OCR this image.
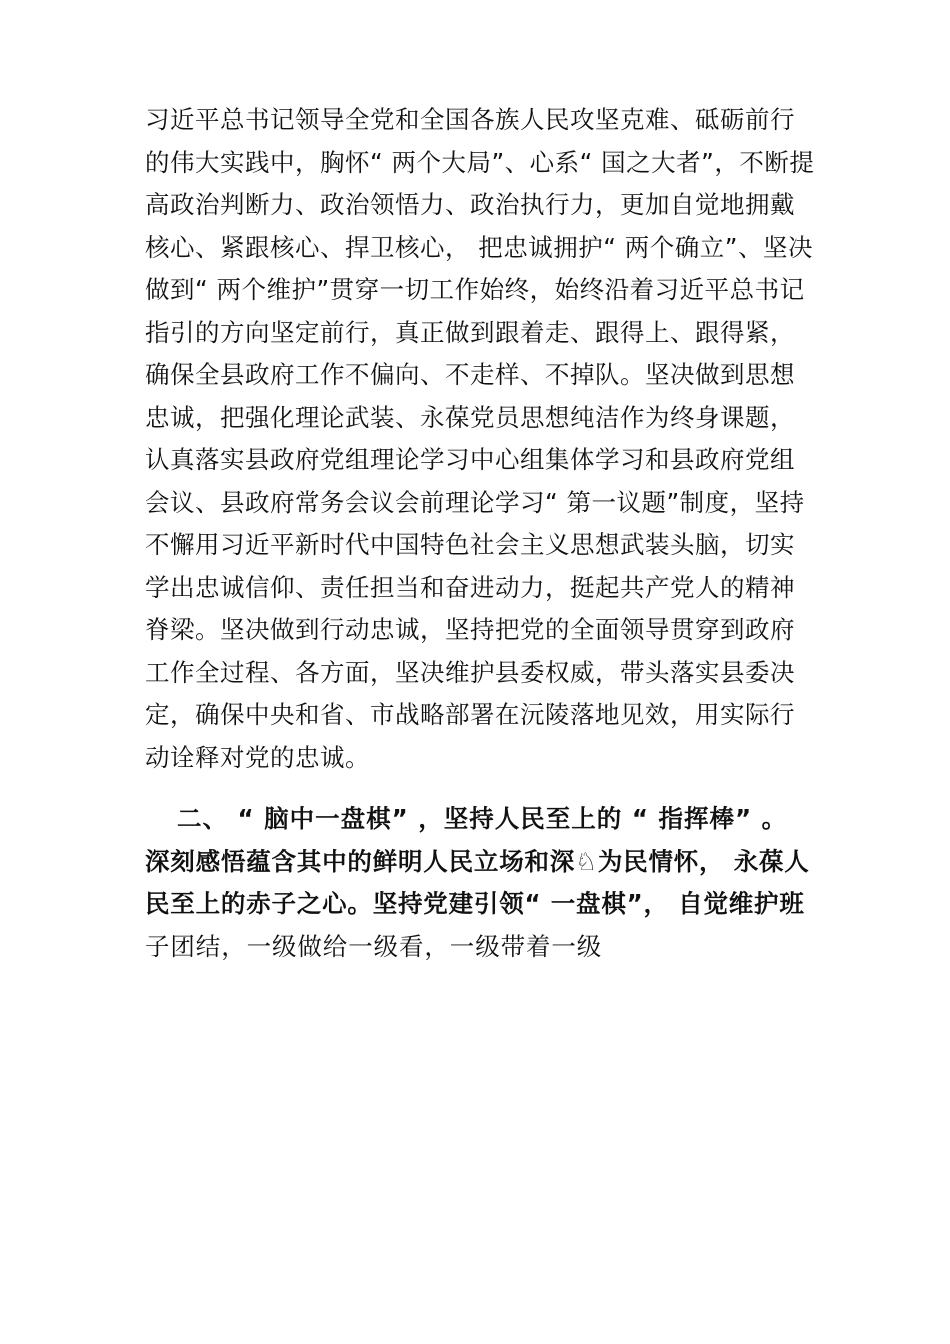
习近平总书记领导全党和全国各族人民攻坚克难、砥砺前行
的伟大实践中，胸怀“ 两个大局”、心系“ 国之大者”，不断提
高政治判断力、政治领悟力、政治执行力，更加自觉地拥戴
核心、紧跟核心、捍卫核心， 把忠诚拥护“ 两个确立”、坚决
做到“ 两个维护”贯穿一切工作始终，始终沿着习近平总书记
指引的方向坚定前行，真正做到跟着走、跟得上、跟得紧，
确保全县政府工作不偏向、不走样、不掉队。坚决做到思想
忠诚，把强化理论武装、永葆党员思想纯洁作为终身课题，
认真落实县政府党组理论学习中心组集体学习和县政府党组
会议、县政府常务会议会前理论学习“ 第一议题”制度，坚持
不懈用习近平新时代中国特色社会主义思想武装头脑，切实
学出忠诚信仰、责任担当和奋进动力，挺起共产党人的精神
脊梁。坚决做到行动忠诚，坚持把党的全面领导贯穿到政府
工作全过程、各方面，坚决维护县委权威，带头落实县委决
定，确保中央和省、市战略部署在沅陵落地见效，用实际行
动诠释对党的忠诚。
二、 “ 脑中一盘棋” ，坚持人民至上的 “ 指挥棒” 。
深刻感悟蕴含其中的鲜明人民立场和深♘为民情怀， 永葆人
民至上的赤子之心。坚持党建引领“ 一盘棋”， 自觉维护班
子团结，一级做给一级看，一级带着一级
